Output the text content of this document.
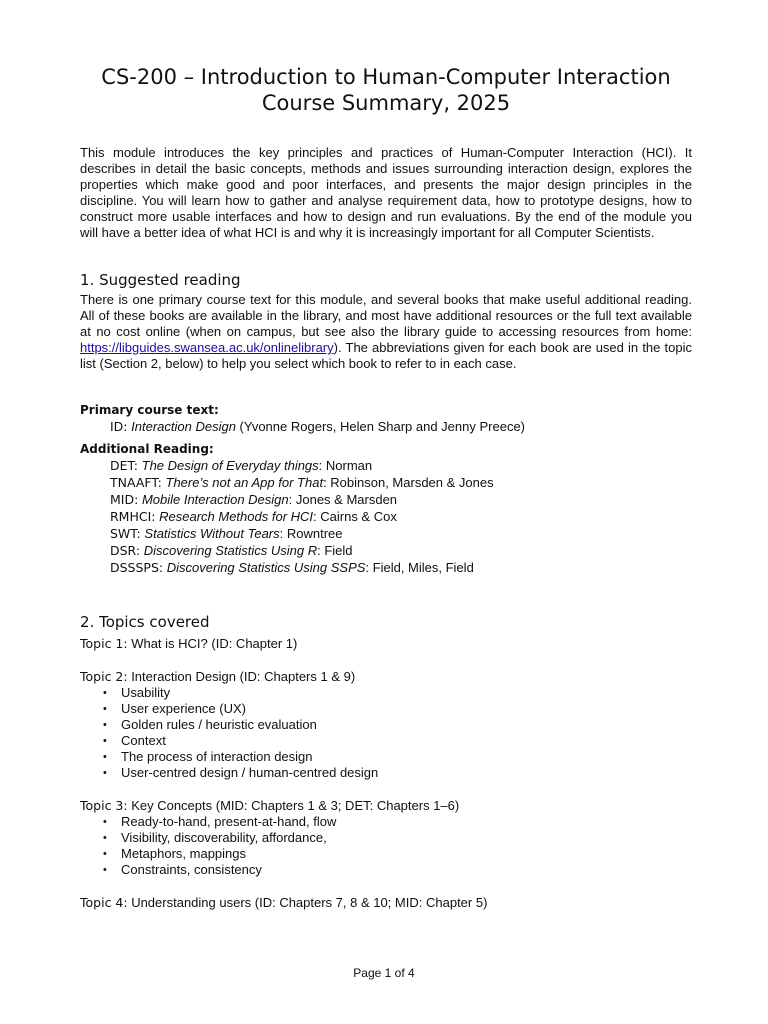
CS-200 – Introduction to Human-Computer Interaction
Course Summary, 2025

This module introduces the key principles and practices of Human-Computer Interaction (HCI). It describes in detail the basic concepts, methods and issues surrounding interaction design, explores the properties which make good and poor interfaces, and presents the major design principles in the discipline. You will learn how to gather and analyse requirement data, how to prototype designs, how to construct more usable interfaces and how to design and run evaluations. By the end of the module you will have a better idea of what HCI is and why it is increasingly important for all Computer Scientists.

1. Suggested reading

There is one primary course text for this module, and several books that make useful additional reading. All of these books are available in the library, and most have additional resources or the full text available at no cost online (when on campus, but see also the library guide to accessing resources from home: https://libguides.swansea.ac.uk/onlinelibrary). The abbreviations given for each book are used in the topic list (Section 2, below) to help you select which book to refer to in each case.

Primary course text:
ID: Interaction Design (Yvonne Rogers, Helen Sharp and Jenny Preece)
Additional Reading:
DET: The Design of Everyday things: Norman
TNAAFT: There’s not an App for That: Robinson, Marsden & Jones
MID: Mobile Interaction Design: Jones & Marsden
RMHCI: Research Methods for HCI: Cairns & Cox
SWT: Statistics Without Tears: Rowntree
DSR: Discovering Statistics Using R: Field
DSSSPS: Discovering Statistics Using SSPS: Field, Miles, Field
2. Topics covered
Topic 1: What is HCI? (ID: Chapter 1)
Topic 2: Interaction Design (ID: Chapters 1 & 9)
• Usability
• User experience (UX)
• Golden rules / heuristic evaluation
• Context
• The process of interaction design
• User-centred design / human-centred design
Topic 3: Key Concepts (MID: Chapters 1 & 3; DET: Chapters 1–6)
• Ready-to-hand, present-at-hand, flow
• Visibility, discoverability, affordance,
• Metaphors, mappings
• Constraints, consistency
Topic 4: Understanding users (ID: Chapters 7, 8 & 10; MID: Chapter 5)
Page 1 of 4
